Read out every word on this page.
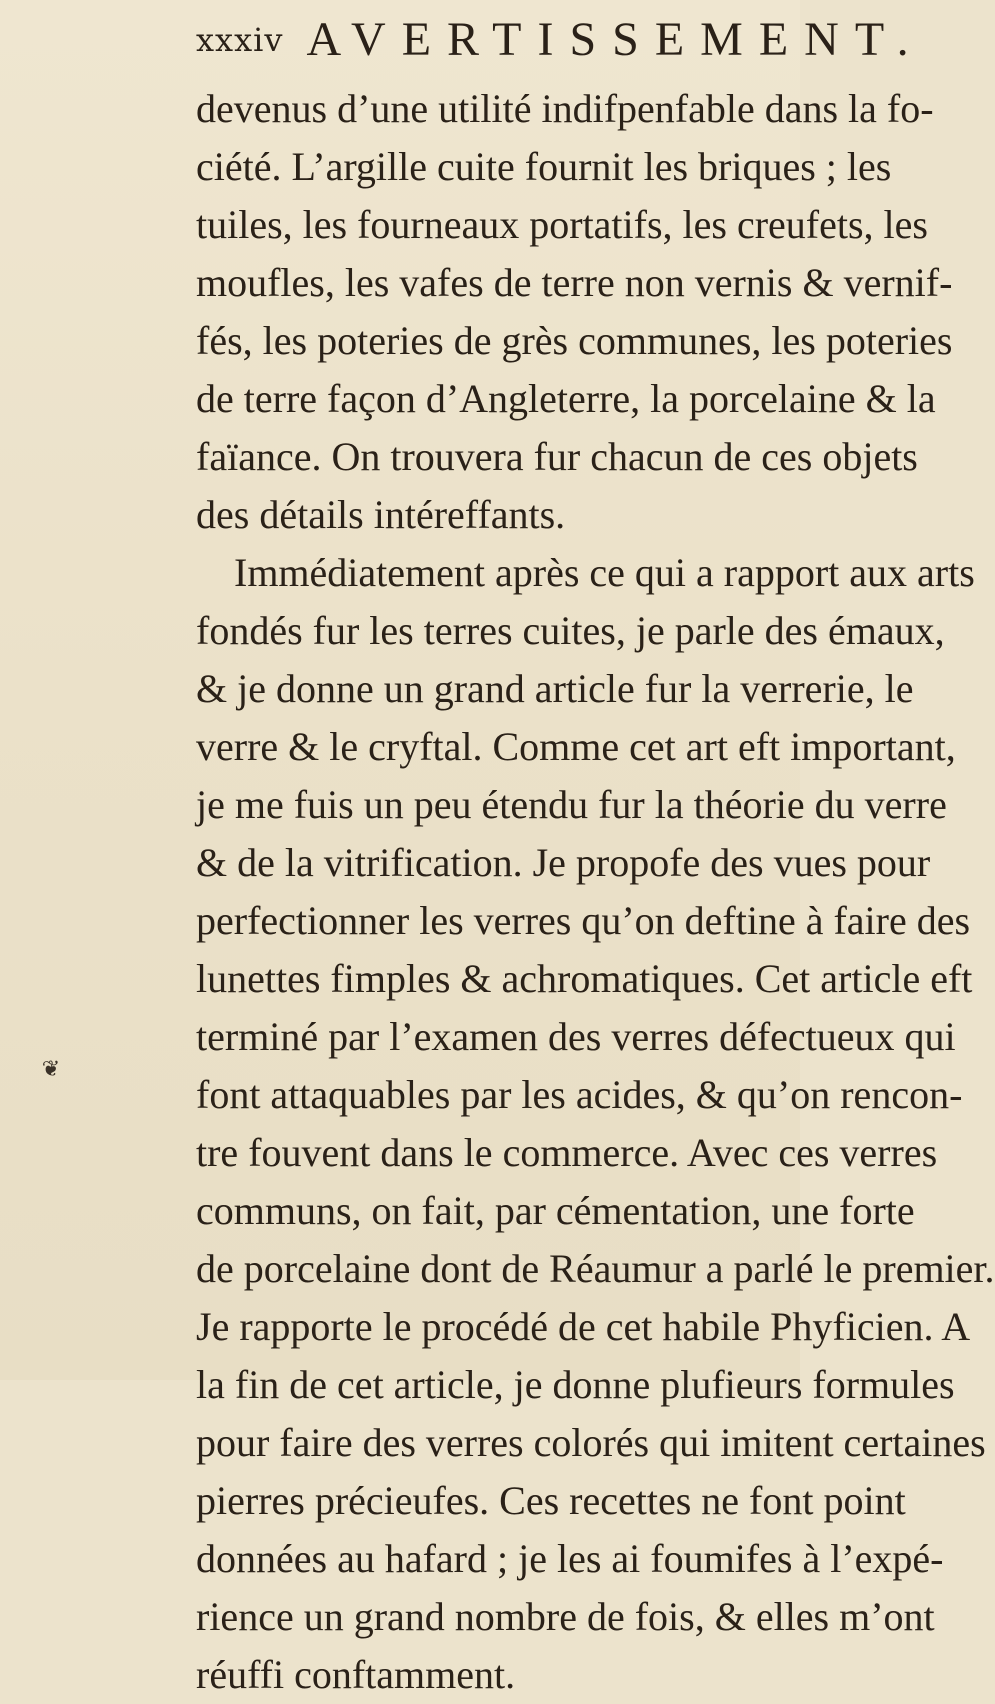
xxxiv AVERTISSEMENT.
devenus d’une utilité indifpenfable dans la fo-
ciété. L’argille cuite fournit les briques ; les
tuiles, les fourneaux portatifs, les creufets, les
moufles, les vafes de terre non vernis & vernif-
fés, les poteries de grès communes, les poteries
de terre façon d’Angleterre, la porcelaine & la
faïance. On trouvera fur chacun de ces objets
des détails intéreffants.
Immédiatement après ce qui a rapport aux arts
fondés fur les terres cuites, je parle des émaux,
& je donne un grand article fur la verrerie, le
verre & le cryftal. Comme cet art eft important,
je me fuis un peu étendu fur la théorie du verre
& de la vitrification. Je propofe des vues pour
perfectionner les verres qu’on deftine à faire des
lunettes fimples & achromatiques. Cet article eft
terminé par l’examen des verres défectueux qui
font attaquables par les acides, & qu’on rencon-
tre fouvent dans le commerce. Avec ces verres
communs, on fait, par cémentation, une forte
de porcelaine dont de Réaumur a parlé le premier.
Je rapporte le procédé de cet habile Phyficien. A
la fin de cet article, je donne plufieurs formules
pour faire des verres colorés qui imitent certaines
pierres précieufes. Ces recettes ne font point
données au hafard ; je les ai foumifes à l’expé-
rience un grand nombre de fois, & elles m’ont
réuffi conftamment.
❦
